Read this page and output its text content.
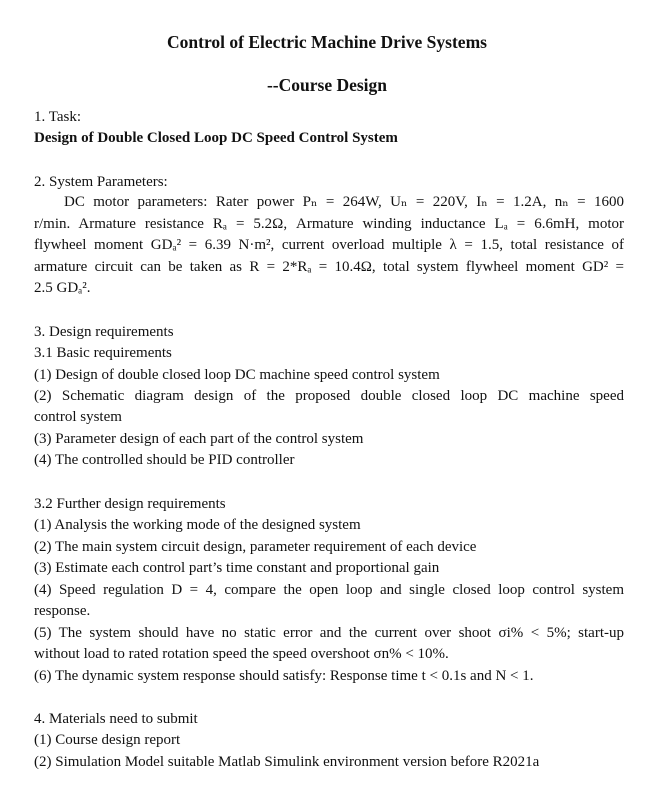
Control of Electric Machine Drive Systems
--Course Design
1. Task:
Design of Double Closed Loop DC Speed Control System
2. System Parameters:
DC motor parameters: Rater power Pₙ = 264W, Uₙ = 220V, Iₙ = 1.2A, nₙ = 1600
r/min. Armature resistance Rₐ = 5.2Ω, Armature winding inductance Lₐ = 6.6mH, motor
flywheel moment GDₐ² = 6.39 N·m², current overload multiple λ = 1.5, total resistance of
armature circuit can be taken as R = 2*Rₐ = 10.4Ω, total system flywheel moment GD² =
2.5 GDₐ².
3. Design requirements
3.1 Basic requirements
(1) Design of double closed loop DC machine speed control system
(2) Schematic diagram design of the proposed double closed loop DC machine speed
control system
(3) Parameter design of each part of the control system
(4) The controlled should be PID controller
3.2 Further design requirements
(1) Analysis the working mode of the designed system
(2) The main system circuit design, parameter requirement of each device
(3) Estimate each control part’s time constant and proportional gain
(4) Speed regulation D = 4, compare the open loop and single closed loop control system
response.
(5) The system should have no static error and the current over shoot σi% < 5%; start-up
without load to rated rotation speed the speed overshoot σn% < 10%.
(6) The dynamic system response should satisfy: Response time t < 0.1s and N < 1.
4. Materials need to submit
(1) Course design report
(2) Simulation Model suitable Matlab Simulink environment version before R2021a
